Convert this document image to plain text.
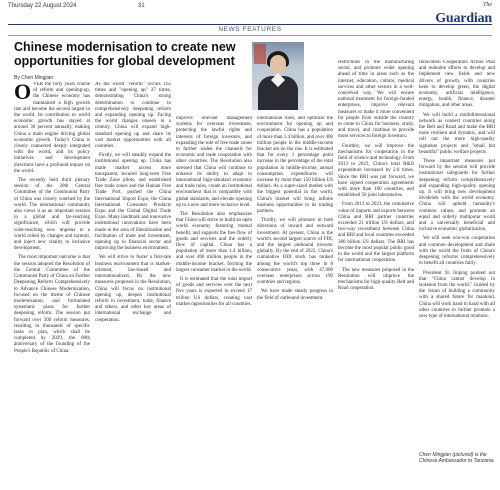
Thursday 22 August 2024	31	The
Guardian
NEWS FEATURES
Chinese modernisation to create new opportunities for global development
By Chen Mingjian

OVER the forty years course of reform and opening-up, the Chinese economy has maintained a high growth rate and become the second largest in the world. Its contribution to world economic growth has stayed at around 30 percent annually, making China a main engine driving global economic growth. Today's China is closely connected deeply integrated with the world, and its policy initiatives and development directions have a profound impact on the world.

The recently held third plenary session of the 20th Central Committee of the Communist Party of China was closely watched by the world. The international community also views it as an important session in a global and far-reaching significance, which will provide wide-reaching new impetus to a world roiled by changes and turmoil, and inject new vitality to inclusive development.

The most important outcome is that the session adopted the Resolution of the Central Committee of the Communist Party of China on Further Deepening Reform Comprehensively to Advance Chinese Modernization, focused on the theme of Chinese modernisation, and formulated systematic plans for further deepening reform. The session put forward over 300 reform measures, resulting in thousands of specific tasks to plan, which shall be completed by 2029, the 80th anniversary of the founding of the People's Republic of China.

As the world "reform" occurs 165 times and "opening up" 37 times, demonstrating China's strong determination to continue to comprehensively deepening reform and expanding opening up. Facing the world changes unseen in a century, China will expand high-standard opening up and share its vast market opportunities with all countries.

Firstly, we will steadily expand the institutional opening up. China has made market access more transparent, secured long-term Free Trade Zone pilots, and established free trade zones and the Hainan Free Trade Port, pushed the China International Import Expo, the China International Consumer Products Expo and the Global Digital Trade Expo. Many landmark and innovative institutional innovations have been made in the area of liberalization and facilitation of trade and investment, opening up in financial sector and improving the business environment.

We will strive to foster a first-rate business environment that is market-oriented, law-based and internationalized. By the new measures proposed in the Resolution, China will focus on institutional opening up, deepen institutional reform in investment, trade, finance and others, and other key areas of international exchange and cooperation.

improve relevant management systems for overseas investment, protecting the lawful rights and interests of foreign investors, and expanding the role of free trade zones to further widen the channels for economic and trade cooperation with other countries. The Resolution also stressed that China will continue to enhance its ability to adapt to international high-standard economic and trade rules, create an institutional environment that is compatible with global standards, and elevate opening up to a new and more inclusive level.

The Resolution also emphasizes that China will strive to build an open world economy featuring mutual benefit, and supports the free flow of goods and services and the orderly flow of capital. China has a population of more than 1.4 billion, and over 400 million people in the middle-income bracket, forming the largest consumer market in the world.

It is estimated that the total import of goods and services over the next five years is expected to exceed 17 trillion US dollars, creating vast market opportunities for all countries.

international rules, and optimize the environment for opening up and cooperation. China has a population of more than 1.4 billion, and over 400 million people in the middle-income bracket are on the rise. It is estimated that for every 1 percentage point increase in the percentage of the total population in middle-income, annual consumption expenditures will increase by more than 150 billion US dollars. As a super-sized market with the biggest potential in the world, China's market will bring infinite business opportunities to its trading partners.

Thirdly, we will promote in both directions of inward and outward investment. At present, China is the world's second largest source of FDI, and the largest outbound investor globally. By the end of 2022, China's cumulative ODI stock has ranked among the world's top three in 8 consecutive years, with 47,000 overseas enterprises across 190 countries and regions.

We have made steady progress in the field of outbound investment.

restrictions in the manufacturing sector, and promote wider opening ahead of time in areas such as the internet, education, culture, medical services and other sectors in a well-conceived way. We will ensure national treatment for foreign-funded enterprises, improve relevant measures to make it more convenient for people from outside the country to come to China for business, study, and travel, and continue to provide more services to foreign investors.

Fourthly, we will improve the mechanisms for cooperation in the field of science and technology. From 2013 to 2023, China's total R&D expenditure increased by 2.0 times. Since the BRI was put forward, we have signed cooperation agreements with more than 100 countries, and established 50 joint laboratories.

From 2013 to 2023, the cumulative value of imports and exports between China and BRI partner countries exceeded 21 trillion US dollars, and two-way investment between China and BRI and local countries exceeded 380 billion US dollars. The BRI has become the most popular public good in the world and the largest platform for international cooperation.

The new measures proposed in the Resolution will improve the mechanisms for high-quality Belt and Road cooperation.

Innovation Cooperation Action Plan and redouble efforts to develop and implement new fields and new drivers of growth, with countries keen to develop green, the digital economy, artificial intelligence, energy, health, finance, disaster mitigation, and other areas.

We will build a multidimensional network as connect countries along the Belt and Road and make the BRI more resilient and dynamic, and will roll out the more high-quality signature projects and "small but beautiful" public welfare projects.

These important measures put forward by the session will provide institutional safeguards for further deepening reform comprehensively and expanding high-quality opening up. It will bring new development dividends with the world economy. China will uphold humanity's common values, and promote an equal and orderly multipolar world and a universally beneficial and inclusive economic globalization.

We will seek win-win cooperation and common development and share with the world the fruits of China's deepening reforms comprehensively to benefit all countries fairly.

President Xi Jinping pointed out that "China cannot develop in isolation from the world." Guided by the vision of building a community with a shared future for mankind, China will work hand in hand with all other countries to further promote a new type of international relations.

Chen Mingjian (pictured) is the Chinese Ambassador to Tanzania
